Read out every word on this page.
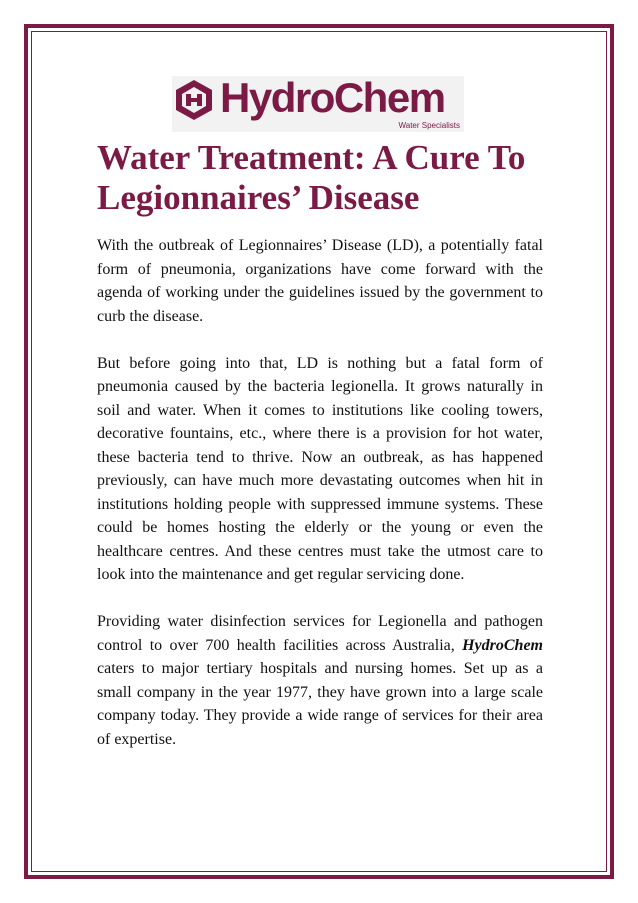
HydroChem
Water Specialists
Water Treatment: A Cure To Legionnaires’ Disease

With the outbreak of Legionnaires’ Disease (LD), a potentially fatal form of pneumonia, organizations have come forward with the agenda of working under the guidelines issued by the government to curb the disease.

But before going into that, LD is nothing but a fatal form of pneumonia caused by the bacteria legionella. It grows naturally in soil and water. When it comes to institutions like cooling towers, decorative fountains, etc., where there is a provision for hot water, these bacteria tend to thrive. Now an outbreak, as has happened previously, can have much more devastating outcomes when hit in institutions holding people with suppressed immune systems. These could be homes hosting the elderly or the young or even the healthcare centres. And these centres must take the utmost care to look into the maintenance and get regular servicing done.

Providing water disinfection services for Legionella and pathogen control to over 700 health facilities across Australia, HydroChem caters to major tertiary hospitals and nursing homes. Set up as a small company in the year 1977, they have grown into a large scale company today. They provide a wide range of services for their area of expertise.
